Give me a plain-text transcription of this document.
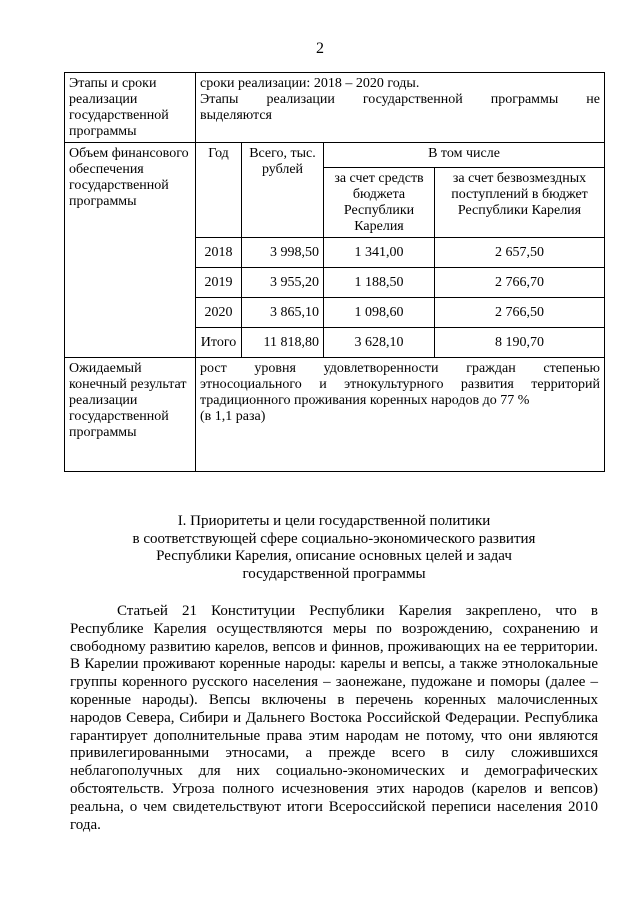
2
Этапы и сроки реализации государственной программы	сроки реализации: 2018 – 2020 годы.
Этапы реализации государственной программы не
выделяются			

Объем финансового обеспечения государственной программы	Год	Всего, тыс. рублей	В том числе	
			за счет средств бюджета Республики Карелия	за счет безвозмездных поступлений в бюджет Республики Карелия
	2018	3 998,50	1 341,00	2 657,50
	2019	3 955,20	1 188,50	2 766,70
	2020	3 865,10	1 098,60	2 766,50
	Итого	11 818,80	3 628,10	8 190,70
Ожидаемый конечный результат реализации государственной программы	рост уровня удовлетворенности граждан степенью
этносоциального и этнокультурного развития территорий
традиционного проживания коренных народов до 77 %
(в 1,1 раза)			
I. Приоритеты и цели государственной политики
в соответствующей сфере социально-экономического развития
Республики Карелия, описание основных целей и задач
государственной программы

Статьей 21 Конституции Республики Карелия закреплено, что в Республике Карелия осуществляются меры по возрождению, сохранению и свободному развитию карелов, вепсов и финнов, проживающих на ее территории. В Карелии проживают коренные народы: карелы и вепсы, а также этнолокальные группы коренного русского населения – заонежане, пудожане и поморы (далее – коренные народы). Вепсы включены в перечень коренных малочисленных народов Севера, Сибири и Дальнего Востока Российской Федерации. Республика гарантирует дополнительные права этим народам не потому, что они являются привилегированными этносами, а прежде всего в силу сложившихся неблагополучных для них социально-экономических и демографических обстоятельств. Угроза полного исчезновения этих народов (карелов и вепсов) реальна, о чем свидетельствуют итоги Всероссийской переписи населения 2010 года.
